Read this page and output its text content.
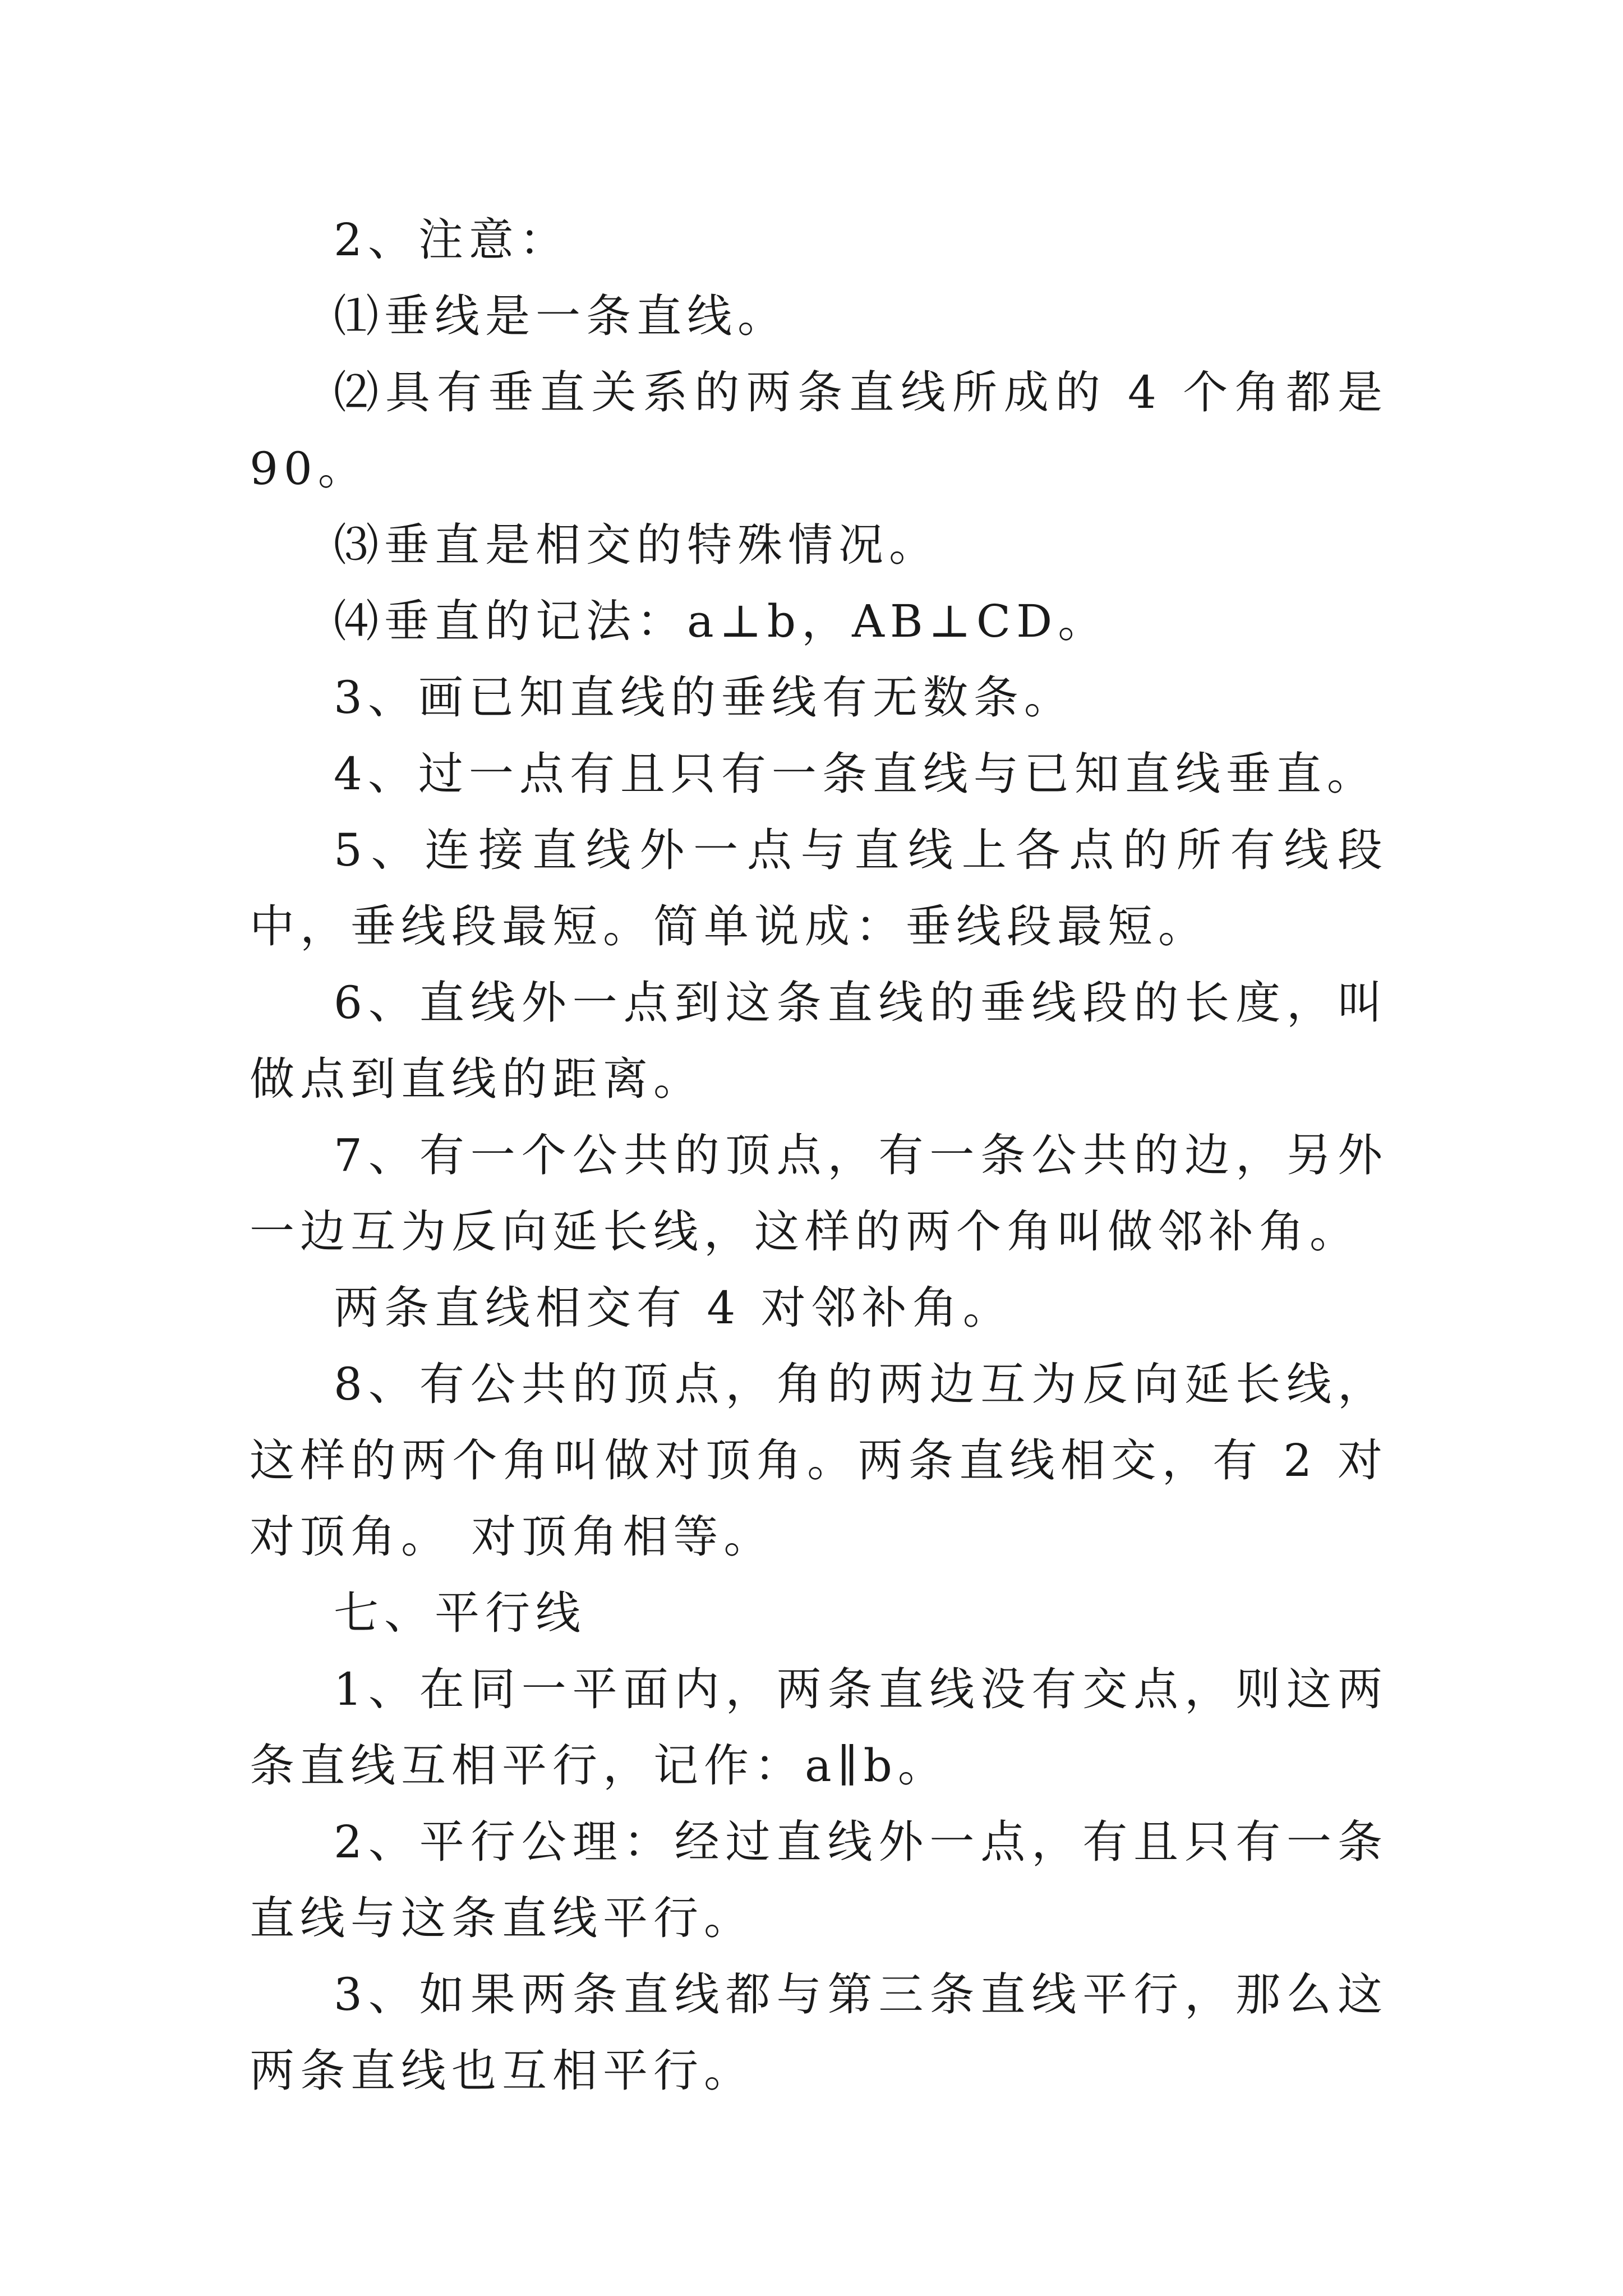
2、注意：

⑴垂线是一条直线。

⑵具有垂直关系的两条直线所成的 4 个角都是 90。

⑶垂直是相交的特殊情况。

⑷垂直的记法：a⊥b，AB⊥CD。

3、画已知直线的垂线有无数条。

4、过一点有且只有一条直线与已知直线垂直。

5、连接直线外一点与直线上各点的所有线段中，垂线段最短。简单说成：垂线段最短。

6、直线外一点到这条直线的垂线段的长度，叫做点到直线的距离。

7、有一个公共的顶点，有一条公共的边，另外一边互为反向延长线，这样的两个角叫做邻补角。

两条直线相交有 4 对邻补角。

8、有公共的顶点，角的两边互为反向延长线，这样的两个角叫做对顶角。两条直线相交，有 2 对对顶角。 对顶角相等。

七、平行线

1、在同一平面内，两条直线没有交点，则这两条直线互相平行，记作：a∥b。

2、平行公理：经过直线外一点，有且只有一条直线与这条直线平行。

3、如果两条直线都与第三条直线平行，那么这两条直线也互相平行。
